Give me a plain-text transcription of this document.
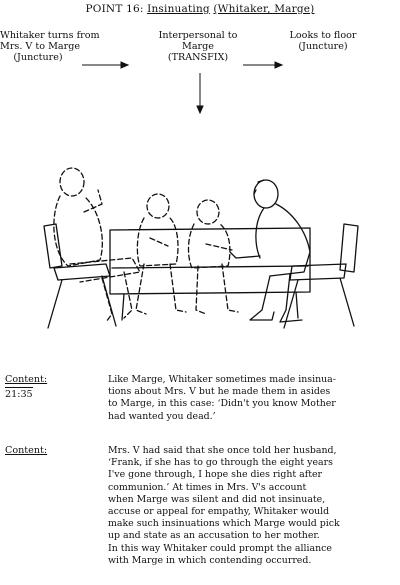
POINT 16: Insinuating (Whitaker, Marge)
Whitaker turns from
Mrs. V to Marge
(Juncture)
Interpersonal to
Marge
(TRANSFIX)
Looks to floor
(Juncture)
Content:
21:35
Like Marge, Whitaker sometimes made insinua-
tions about Mrs. V but he made them in asides
to Marge, in this case: ‘Didn't you know Mother
had wanted you dead.’
Content:	Mrs. V had said that she once told her husband,
‘Frank, if she has to go through the eight years
I've gone through, I hope she dies right after
communion.’ At times in Mrs. V's account
when Marge was silent and did not insinuate,
accuse or appeal for empathy, Whitaker would
make such insinuations which Marge would pick
up and state as an accusation to her mother.
In this way Whitaker could prompt the alliance
with Marge in which contending occurred.
